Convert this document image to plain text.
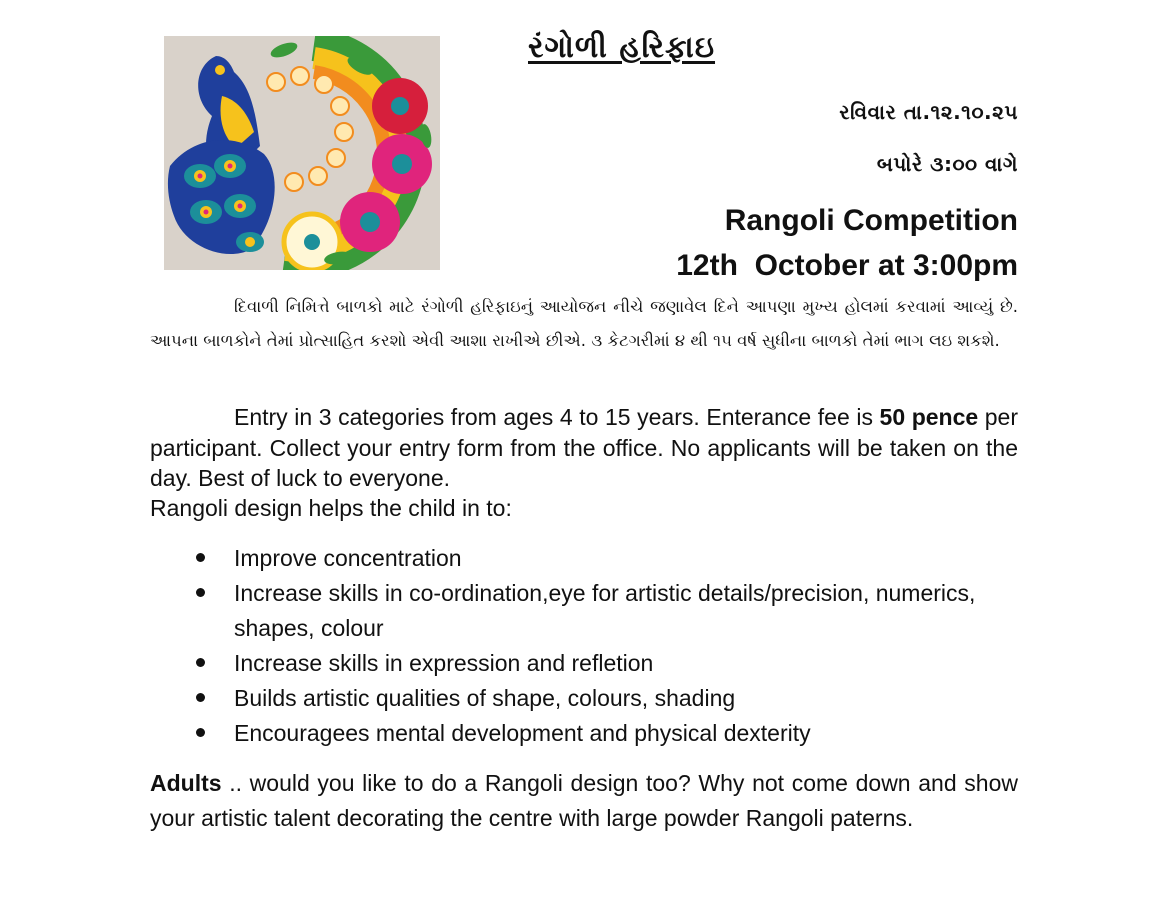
રંગોળી હરિફાઇ
રવિવાર તા.૧૨.૧૦.૨૫
બપોરે ૩:૦૦ વાગે
Rangoli Competition
12th  October at 3:00pm

દિવાળી નિમિત્તે બાળકો માટે રંગોળી હરિફાઇનું આયોજન નીચે જણાવેલ દિને આપણા મુખ્ય હોલમાં કરવામાં આવ્યું છે. આપના બાળકોને તેમાં પ્રોત્સાહિત કરશો એવી આશા રાખીએ છીએ. ૩ કેટગરીમાં ૪ થી ૧૫ વર્ષ સુધીના બાળકો તેમાં ભાગ લઇ શકશે.

Entry in 3 categories from ages 4 to 15 years. Enterance fee is 50 pence per participant. Collect your entry form from the office. No applicants will be taken on the day. Best of luck to everyone.

Rangoli design helps the child in to:
Improve concentration
Increase skills in co-ordination,eye for artistic details/precision, numerics, shapes, colour
Increase skills in expression and refletion
Builds artistic qualities of shape, colours, shading
Encouragees mental development and physical dexterity

Adults .. would you like to do a Rangoli design too? Why not come down and show your artistic talent decorating the centre with large powder Rangoli paterns.
